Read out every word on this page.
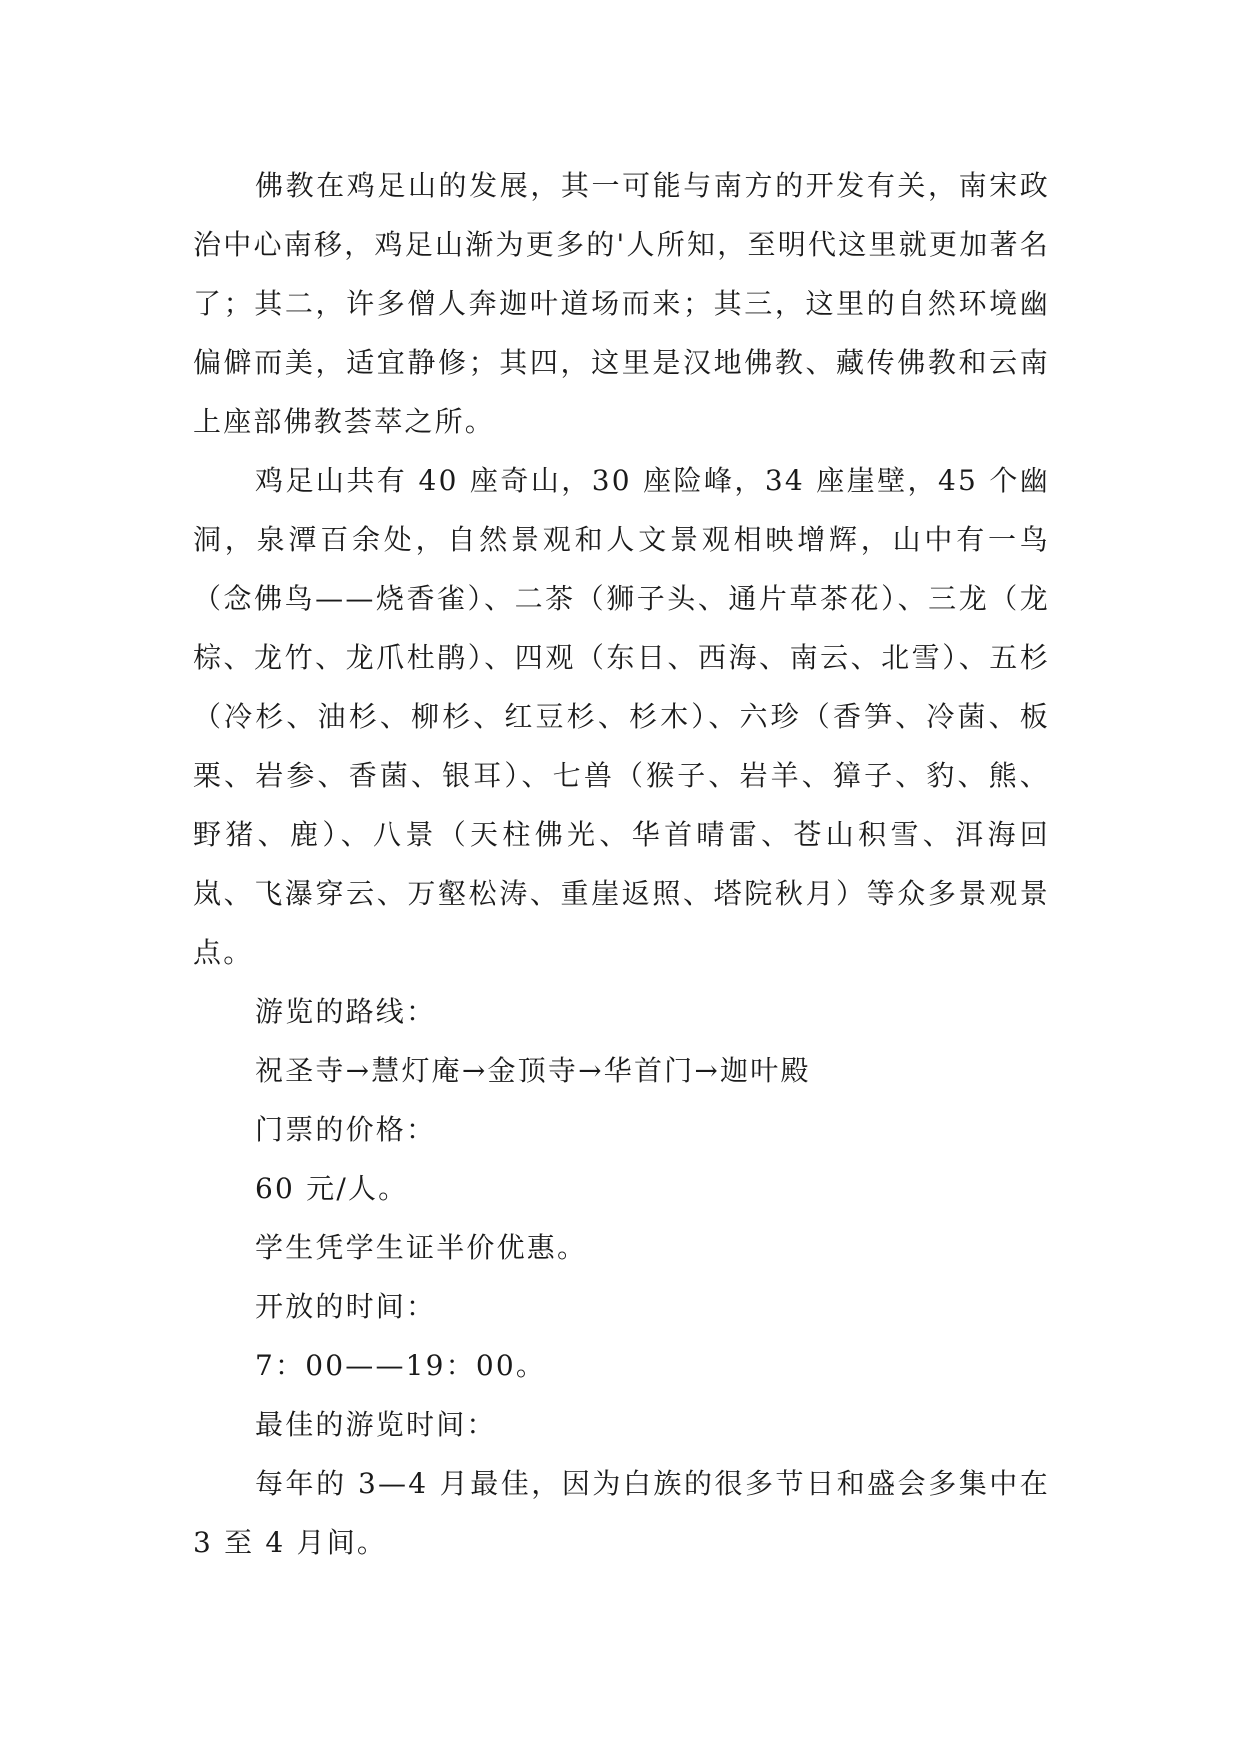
佛教在鸡足山的发展，其一可能与南方的开发有关，南宋政治中心南移，鸡足山渐为更多的'人所知，至明代这里就更加著名了；其二，许多僧人奔迦叶道场而来；其三，这里的自然环境幽偏僻而美，适宜静修；其四，这里是汉地佛教、藏传佛教和云南上座部佛教荟萃之所。

鸡足山共有 40 座奇山，30 座险峰，34 座崖壁，45 个幽洞，泉潭百余处，自然景观和人文景观相映增辉，山中有一鸟（念佛鸟——烧香雀）、二茶（狮子头、通片草茶花）、三龙（龙棕、龙竹、龙爪杜鹃）、四观（东日、西海、南云、北雪）、五杉（冷杉、油杉、柳杉、红豆杉、杉木）、六珍（香笋、冷菌、板栗、岩参、香菌、银耳）、七兽（猴子、岩羊、獐子、豹、熊、野猪、鹿）、八景（天柱佛光、华首晴雷、苍山积雪、洱海回岚、飞瀑穿云、万壑松涛、重崖返照、塔院秋月）等众多景观景点。

游览的路线：

祝圣寺→慧灯庵→金顶寺→华首门→迦叶殿

门票的价格：

60 元/人。

学生凭学生证半价优惠。

开放的时间：

7：00——19：00。

最佳的游览时间：

每年的 3—4 月最佳，因为白族的很多节日和盛会多集中在 3 至 4 月间。
